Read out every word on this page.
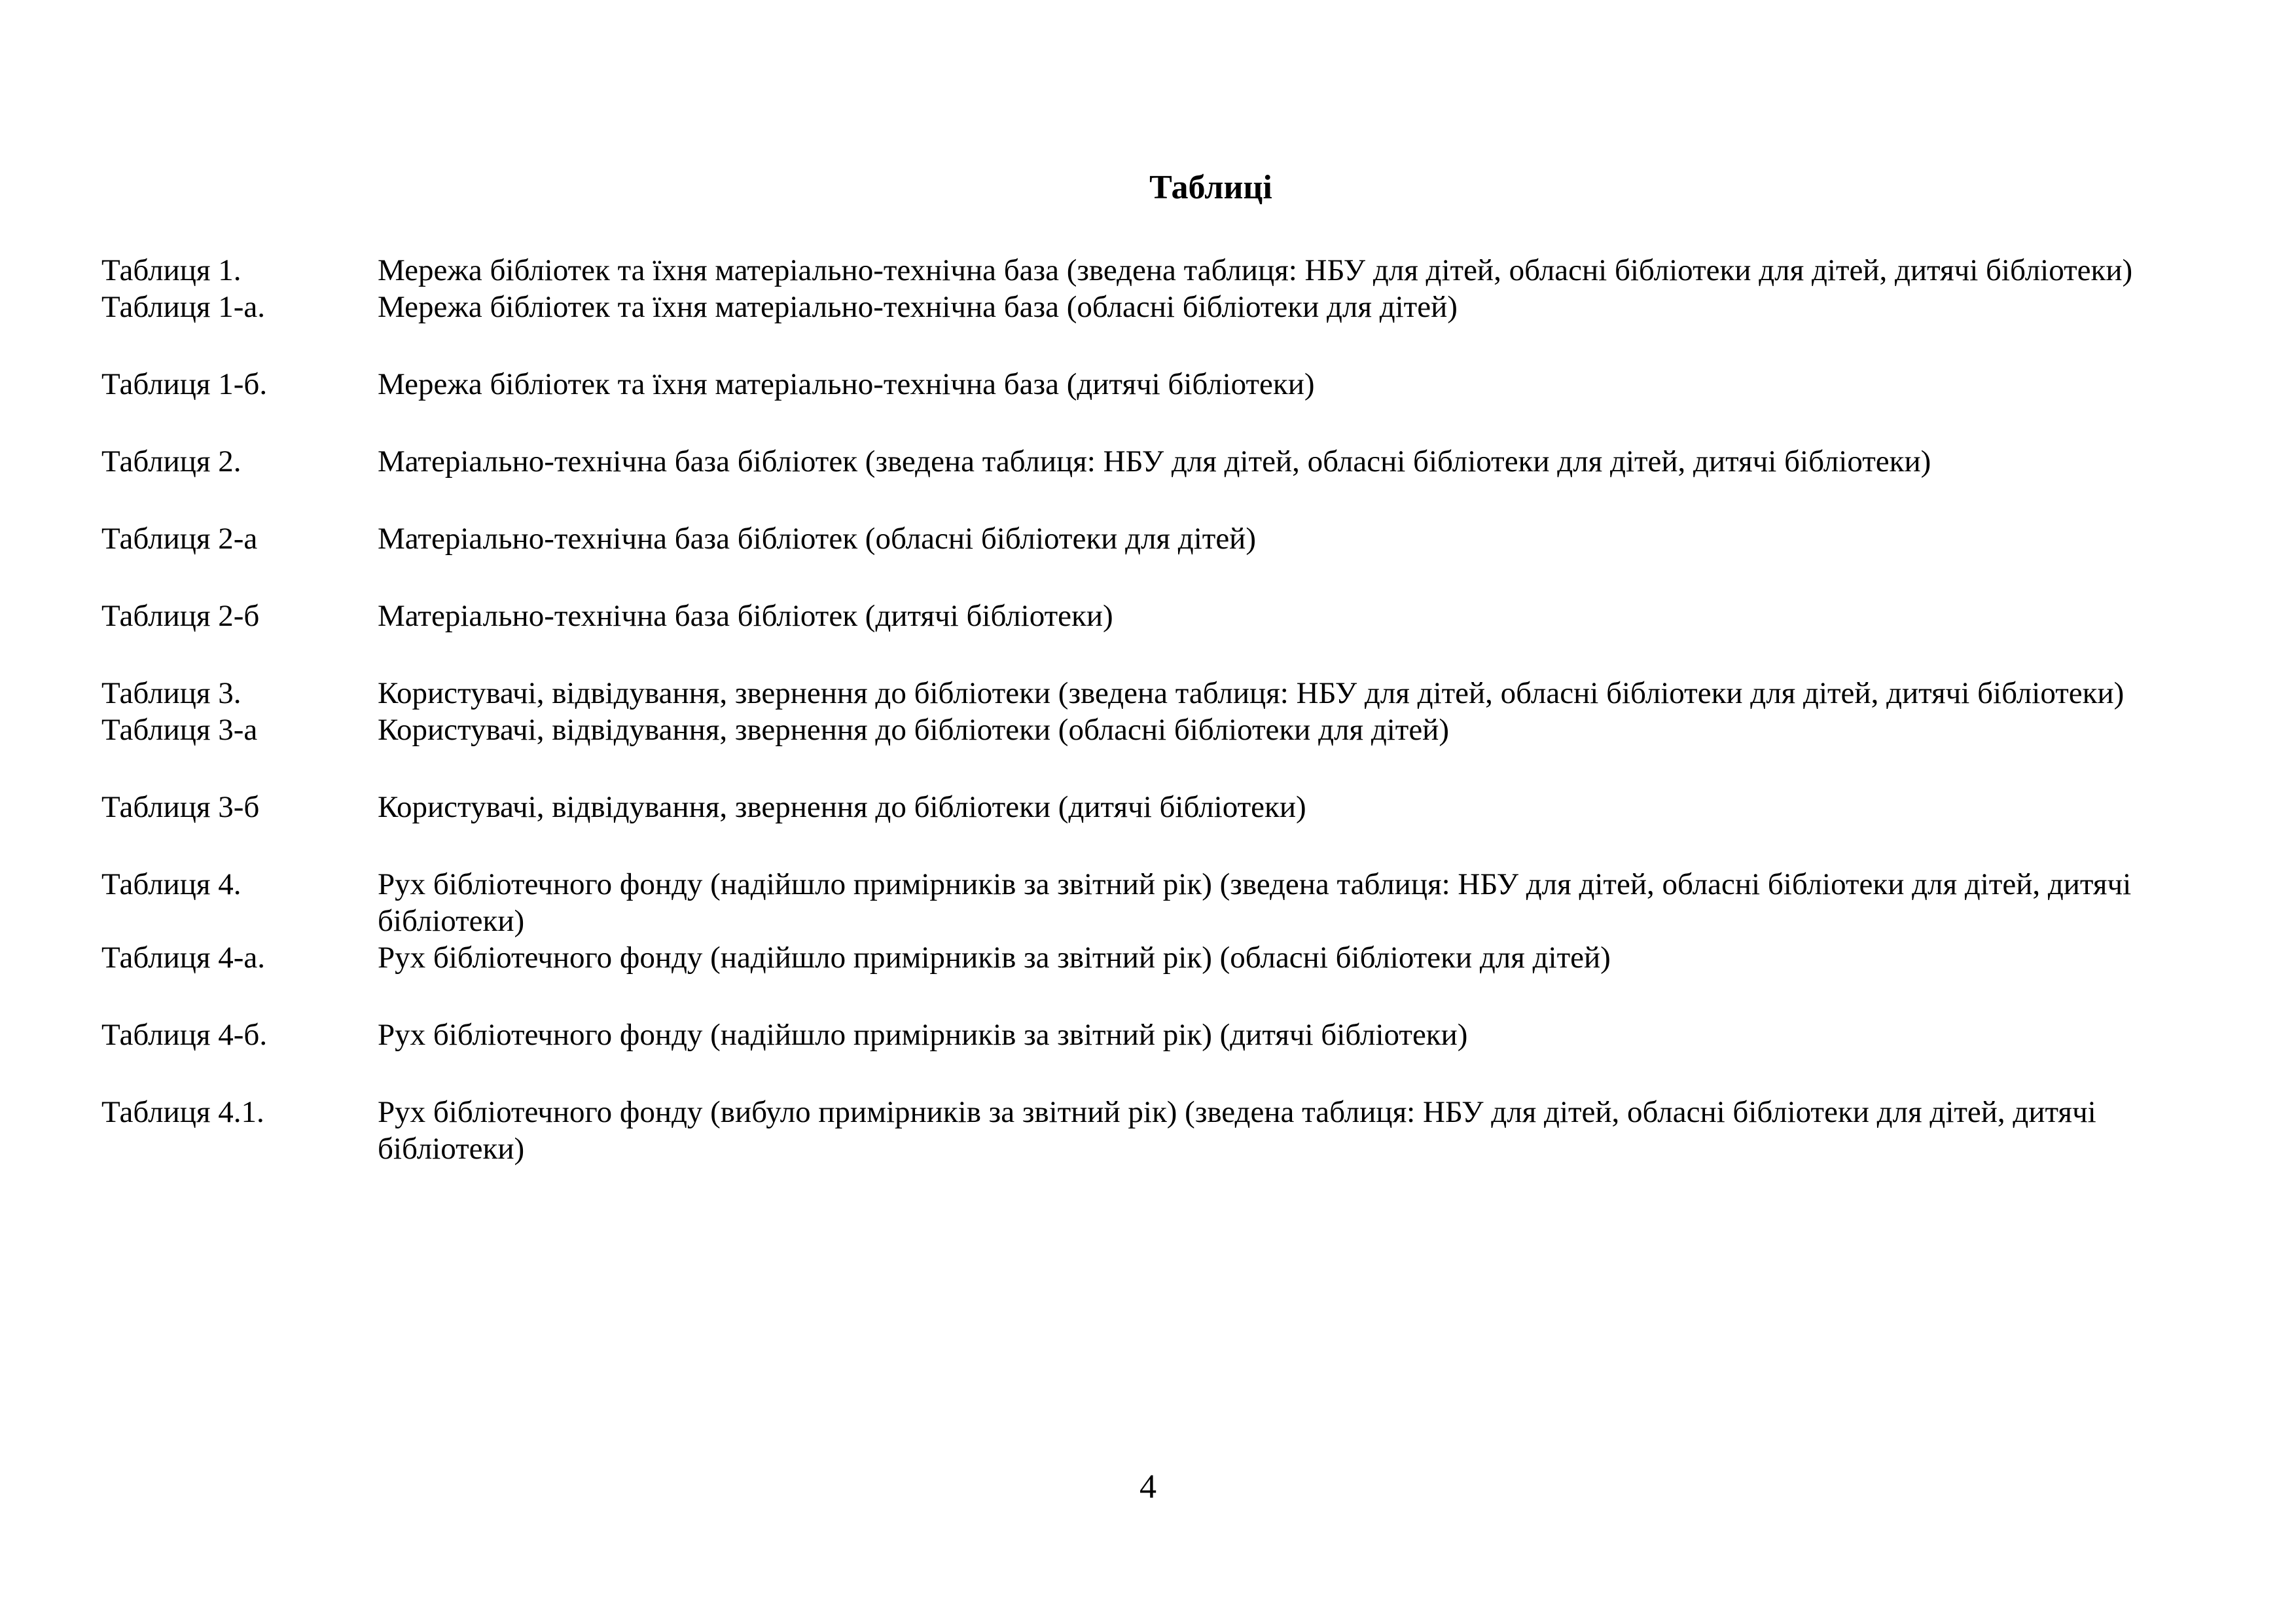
Таблиці
Таблиця 1.	Мережа бібліотек та їхня матеріально-технічна база (зведена таблиця: НБУ для дітей, обласні бібліотеки для дітей, дитячі бібліотеки)
Таблиця 1-а.	Мережа бібліотек та їхня матеріально-технічна база (обласні бібліотеки для дітей)
Таблиця 1-б.	Мережа бібліотек та їхня матеріально-технічна база (дитячі бібліотеки)
Таблиця 2.	Матеріально-технічна база бібліотек (зведена таблиця: НБУ для дітей, обласні бібліотеки для дітей, дитячі бібліотеки)
Таблиця 2-а	Матеріально-технічна база бібліотек (обласні бібліотеки для дітей)
Таблиця 2-б	Матеріально-технічна база бібліотек (дитячі бібліотеки)
Таблиця 3.	Користувачі, відвідування, звернення до бібліотеки (зведена таблиця: НБУ для дітей, обласні бібліотеки для дітей, дитячі бібліотеки)
Таблиця 3-а	Користувачі, відвідування, звернення до бібліотеки (обласні бібліотеки для дітей)
Таблиця 3-б	Користувачі, відвідування, звернення до бібліотеки (дитячі бібліотеки)
Таблиця 4.	Рух бібліотечного фонду (надійшло примірників за звітний рік) (зведена таблиця: НБУ для дітей, обласні бібліотеки для дітей, дитячі бібліотеки)
Таблиця 4-а.	Рух бібліотечного фонду (надійшло примірників за звітний рік) (обласні бібліотеки для дітей)
Таблиця 4-б.	Рух бібліотечного фонду (надійшло примірників за звітний рік) (дитячі бібліотеки)
Таблиця 4.1.	Рух бібліотечного фонду (вибуло примірників за звітний рік) (зведена таблиця: НБУ для дітей, обласні бібліотеки для дітей, дитячі бібліотеки)
4
